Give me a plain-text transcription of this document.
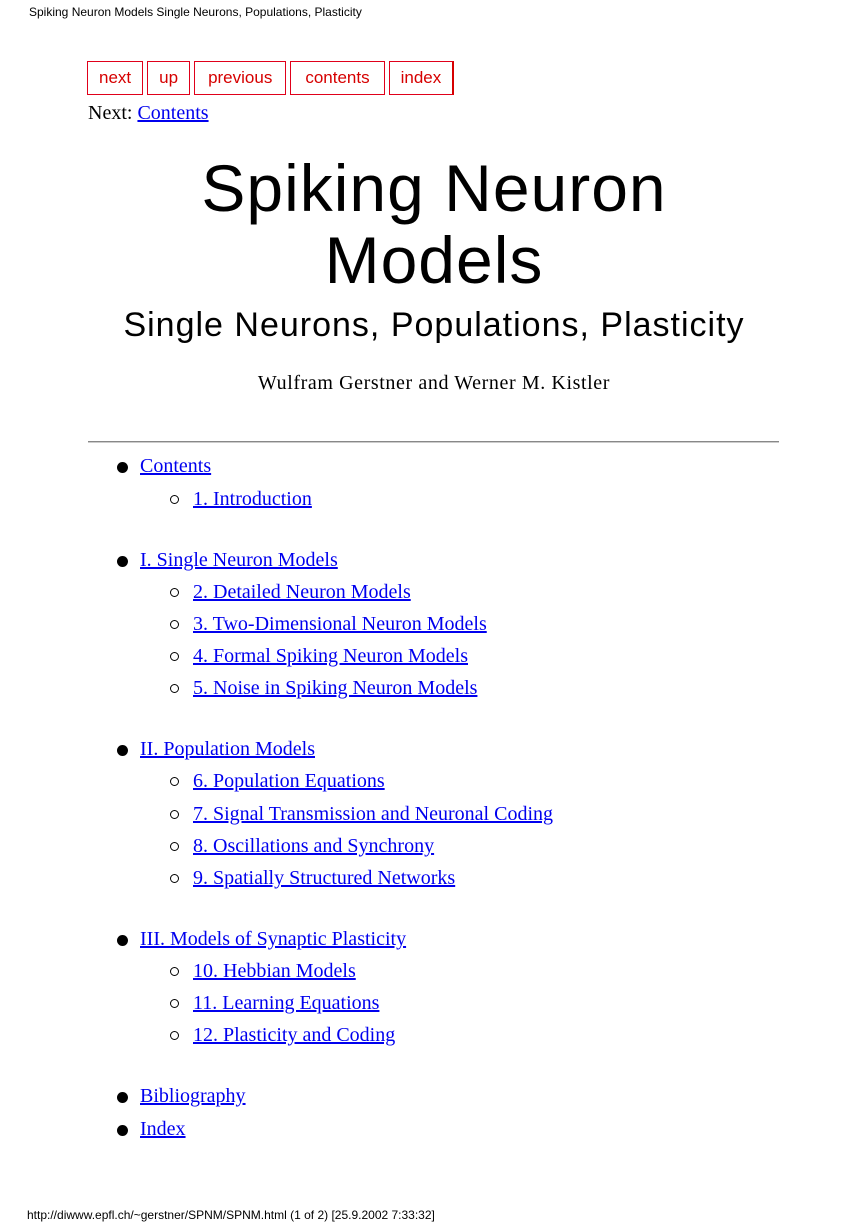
Spiking Neuron Models Single Neurons, Populations, Plasticity
next	up	previous	contents	index
Next: Contents
Spiking Neuron
Models
Single Neurons, Populations, Plasticity
Wulfram Gerstner and Werner M. Kistler
Contents
1. Introduction
I. Single Neuron Models
2. Detailed Neuron Models
3. Two-Dimensional Neuron Models
4. Formal Spiking Neuron Models
5. Noise in Spiking Neuron Models
II. Population Models
6. Population Equations
7. Signal Transmission and Neuronal Coding
8. Oscillations and Synchrony
9. Spatially Structured Networks
III. Models of Synaptic Plasticity
10. Hebbian Models
11. Learning Equations
12. Plasticity and Coding
Bibliography
Index
http://diwww.epfl.ch/~gerstner/SPNM/SPNM.html (1 of 2) [25.9.2002 7:33:32]
